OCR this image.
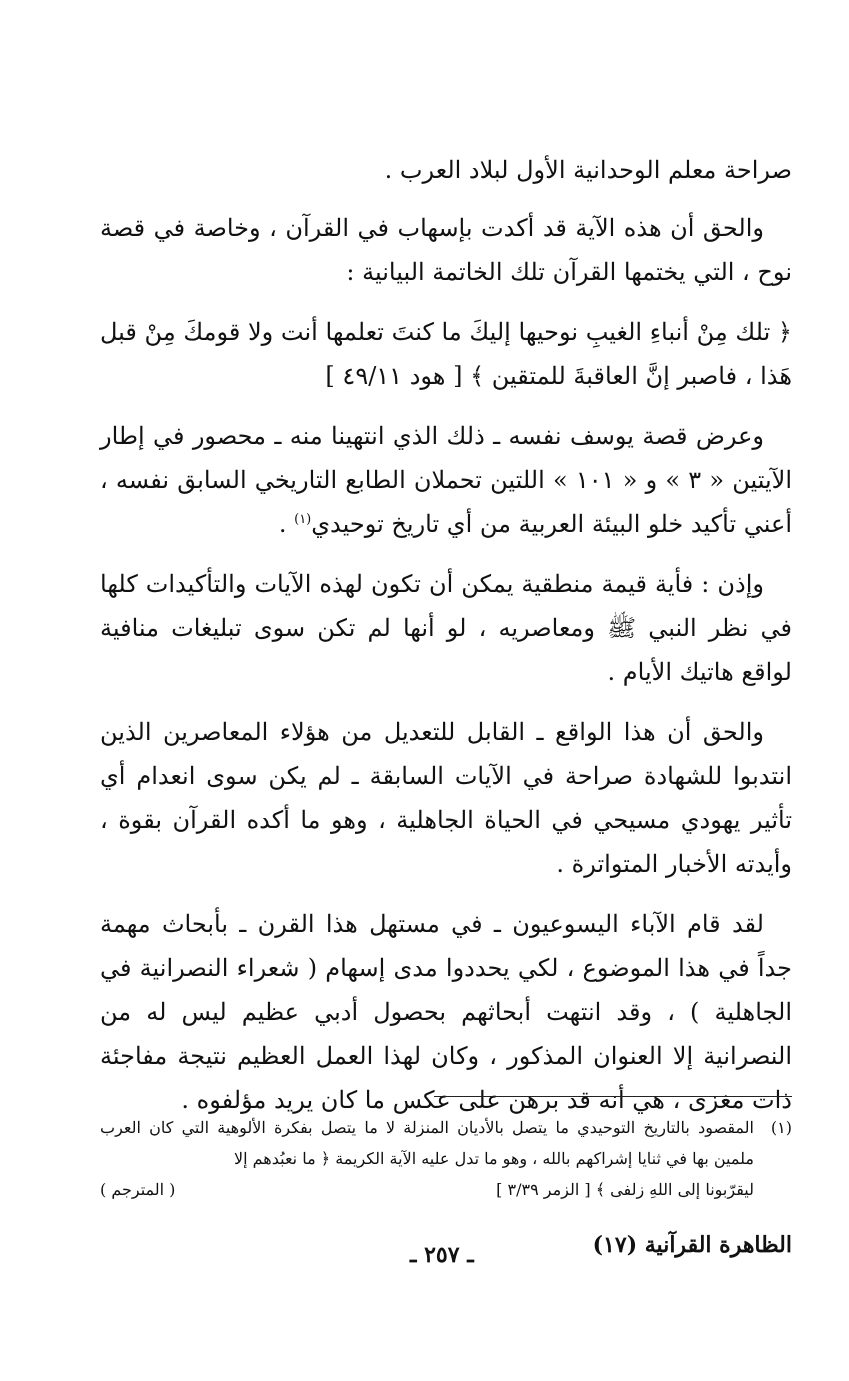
صراحة معلم الوحدانية الأول لبلاد العرب .

والحق أن هذه الآية قد أكدت بإسهاب في القرآن ، وخاصة في قصة نوح ، التي يختمها القرآن تلك الخاتمة البيانية :

﴿ تلك مِنْ أنباءِ الغيبِ نوحيها إليكَ ما كنتَ تعلمها أنت ولا قومكَ مِنْ قبل هَذا ، فاصبر إنَّ العاقبةَ للمتقين ﴾ [ هود ٤٩/١١ ]

وعرض قصة يوسف نفسه ـ ذلك الذي انتهينا منه ـ محصور في إطار الآيتين « ٣ » و « ١٠١ » اللتين تحملان الطابع التاريخي السابق نفسه ، أعني تأكيد خلو البيئة العربية من أي تاريخ توحيدي$^{(١)}$ .

وإذن : فأية قيمة منطقية يمكن أن تكون لهذه الآيات والتأكيدات كلها في نظر النبي ﷺ ومعاصريه ، لو أنها لم تكن سوى تبليغات منافية لواقع هاتيك الأيام .

والحق أن هذا الواقع ـ القابل للتعديل من هؤلاء المعاصرين الذين انتدبوا للشهادة صراحة في الآيات السابقة ـ لم يكن سوى انعدام أي تأثير يهودي مسيحي في الحياة الجاهلية ، وهو ما أكده القرآن بقوة ، وأيدته الأخبار المتواترة .

لقد قام الآباء اليسوعيون ـ في مستهل هذا القرن ـ بأبحاث مهمة جداً في هذا الموضوع ، لكي يحددوا مدى إسهام ( شعراء النصرانية في الجاهلية ) ، وقد انتهت أبحاثهم بحصول أدبي عظيم ليس له من النصرانية إلا العنوان المذكور ، وكان لهذا العمل العظيم نتيجة مفاجئة ذات مغزى ، هي أنه قد برهن على عكس ما كان يريد مؤلفوه .

(١)
المقصود بالتاريخ التوحيدي ما يتصل بالأديان المنزلة لا ما يتصل بفكرة الألوهية التي كان العرب ملمين بها في ثنايا إشراكهم بالله ، وهو ما تدل عليه الآية الكريمة ﴿ ما نعبُدهم إلا
ليقرّبونا إلى اللهِ زلفى ﴾ [ الزمر ٣/٣٩ ]
( المترجم )
الظاهرة القرآنية (١٧)
ـ ٢٥٧ ـ
